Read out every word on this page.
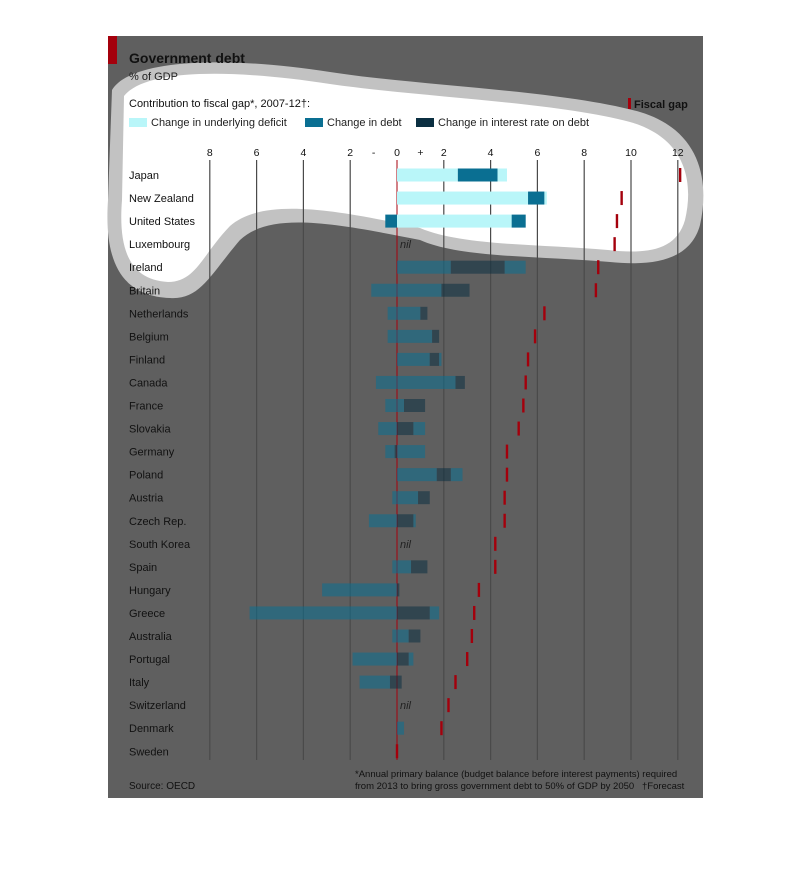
Japan
New Zealand
United States
Luxembourg	nil
Ireland
Britain
Netherlands
Belgium
Finland
Canada
France
Slovakia
Germany
Poland
Austria
Czech Rep.
South Korea	nil
Spain
Hungary
Greece
Australia
Portugal
Italy
Switzerland	nil
Denmark
Sweden
8	6	4	2 - 0 + 2	4	6	8	10	12
Government debt
% of GDP
Contribution to fiscal gap*, 2007-12†:
Change in underlying deficit	Change in debt	Change in interest rate on debt
Fiscal gap
Source: OECD
*Annual primary balance (budget balance before interest payments) required
from 2013 to bring gross government debt to 50% of GDP by 2050 †Forecast
